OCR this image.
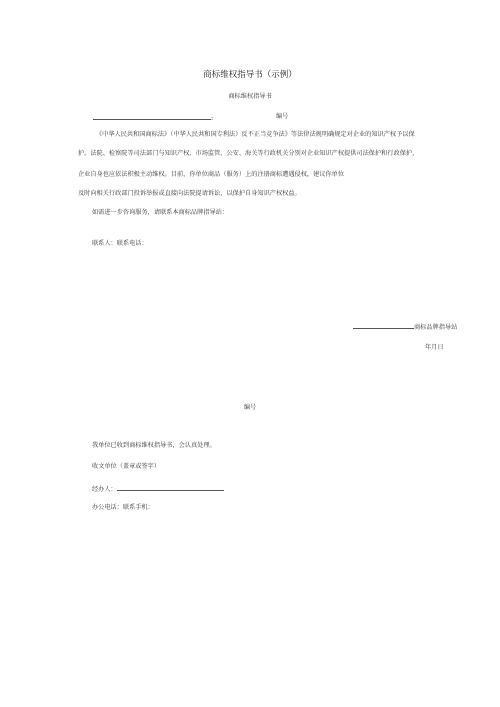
商标维权指导书（示例）
商标维权指导书
:	编号
《中华人民共和国商标法》（中华人民共和国专利法）反不正当竞争法》等法律法规明确规定对企业的知识产权予以保
护。法院、检察院等司法部门与知识产权、市场监管、公安、海关等行政机关分别对企业知识产权提供司法保护和行政保护，
企业自身也应依法积极主动维权。目前，你单位商品（服务）上的注册商标遭遇侵权，建议你单位
及时向相关行政部门投诉举报或直接向法院提请诉讼，以保护自身知识产权权益。
如需进一步咨询服务，请联系本商标品牌指导站：
联系人：联系电话：
商标品牌指导站
年月日
编号
我单位已收到商标维权指导书，会认真处理。
收文单位（盖章或签字）
经办人：
办公电话：联系手机：
